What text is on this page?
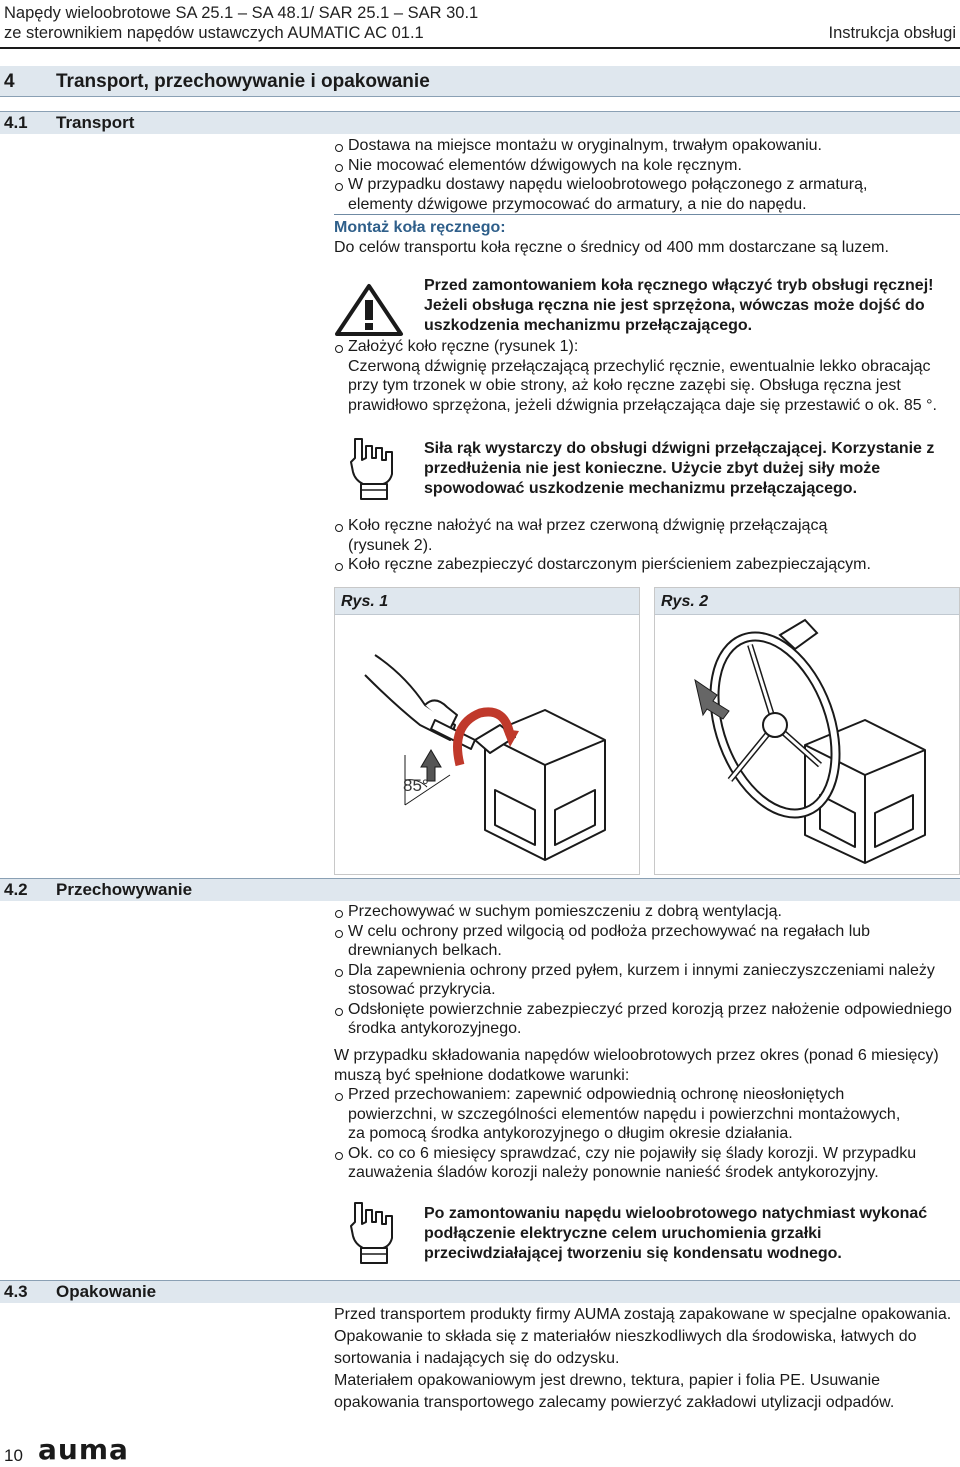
Napędy wieloobrotowe SA 25.1 – SA 48.1/ SAR 25.1 – SAR 30.1
ze sterownikiem napędów ustawczych AUMATIC AC 01.1	Instrukcja obsługi
4 Transport, przechowywanie i opakowanie
4.1 Transport
Dostawa na miejsce montażu w oryginalnym, trwałym opakowaniu.
Nie mocować elementów dźwigowych na kole ręcznym.
W przypadku dostawy napędu wieloobrotowego połączonego z armaturą, elementy dźwigowe przymocować do armatury, a nie do napędu.
Montaż koła ręcznego:
Do celów transportu koła ręczne o średnicy od 400 mm dostarczane są luzem.
Przed zamontowaniem koła ręcznego włączyć tryb obsługi ręcznej! Jeżeli obsługa ręczna nie jest sprzężona, wówczas może dojść do uszkodzenia mechanizmu przełączającego.
Założyć koło ręczne (rysunek 1):
Czerwoną dźwignię przełączającą przechylić ręcznie, ewentualnie lekko obracając przy tym trzonek w obie strony, aż koło ręczne zazębi się. Obsługa ręczna jest prawidłowo sprzężona, jeżeli dźwignia przełączająca daje się przestawić o ok. 85 °.
Siła rąk wystarczy do obsługi dźwigni przełączającej. Korzystanie z przedłużenia nie jest konieczne. Użycie zbyt dużej siły może spowodować uszkodzenie mechanizmu przełączającego.
Koło ręczne nałożyć na wał przez czerwoną dźwignię przełączającą (rysunek 2).
Koło ręczne zabezpieczyć dostarczonym pierścieniem zabezpieczającym.
Rys. 1
85°
Rys. 2
4.2 Przechowywanie
Przechowywać w suchym pomieszczeniu z dobrą wentylacją.
W celu ochrony przed wilgocią od podłoża przechowywać na regałach lub drewnianych belkach.
Dla zapewnienia ochrony przed pyłem, kurzem i innymi zanieczyszczeniami należy stosować przykrycia.
Odsłonięte powierzchnie zabezpieczyć przed korozją przez nałożenie odpowiedniego środka antykorozyjnego.
W przypadku składowania napędów wieloobrotowych przez okres (ponad 6 miesięcy) muszą być spełnione dodatkowe warunki:
Przed przechowaniem: zapewnić odpowiednią ochronę nieosłoniętych powierzchni, w szczególności elementów napędu i powierzchni montażowych, za pomocą środka antykorozyjnego o długim okresie działania.
Ok. co co 6 miesięcy sprawdzać, czy nie pojawiły się ślady korozji. W przypadku zauważenia śladów korozji należy ponownie nanieść środek antykorozyjny.
Po zamontowaniu napędu wieloobrotowego natychmiast wykonać podłączenie elektryczne celem uruchomienia grzałki przeciwdziałającej tworzeniu się kondensatu wodnego.
4.3 Opakowanie
Przed transportem produkty firmy AUMA zostają zapakowane w specjalne opakowania. Opakowanie to składa się z materiałów nieszkodliwych dla środowiska, łatwych do sortowania i nadających się do odzysku.
Materiałem opakowaniowym jest drewno, tektura, papier i folia PE. Usuwanie opakowania transportowego zalecamy powierzyć zakładowi utylizacji odpadów.
10 auma
